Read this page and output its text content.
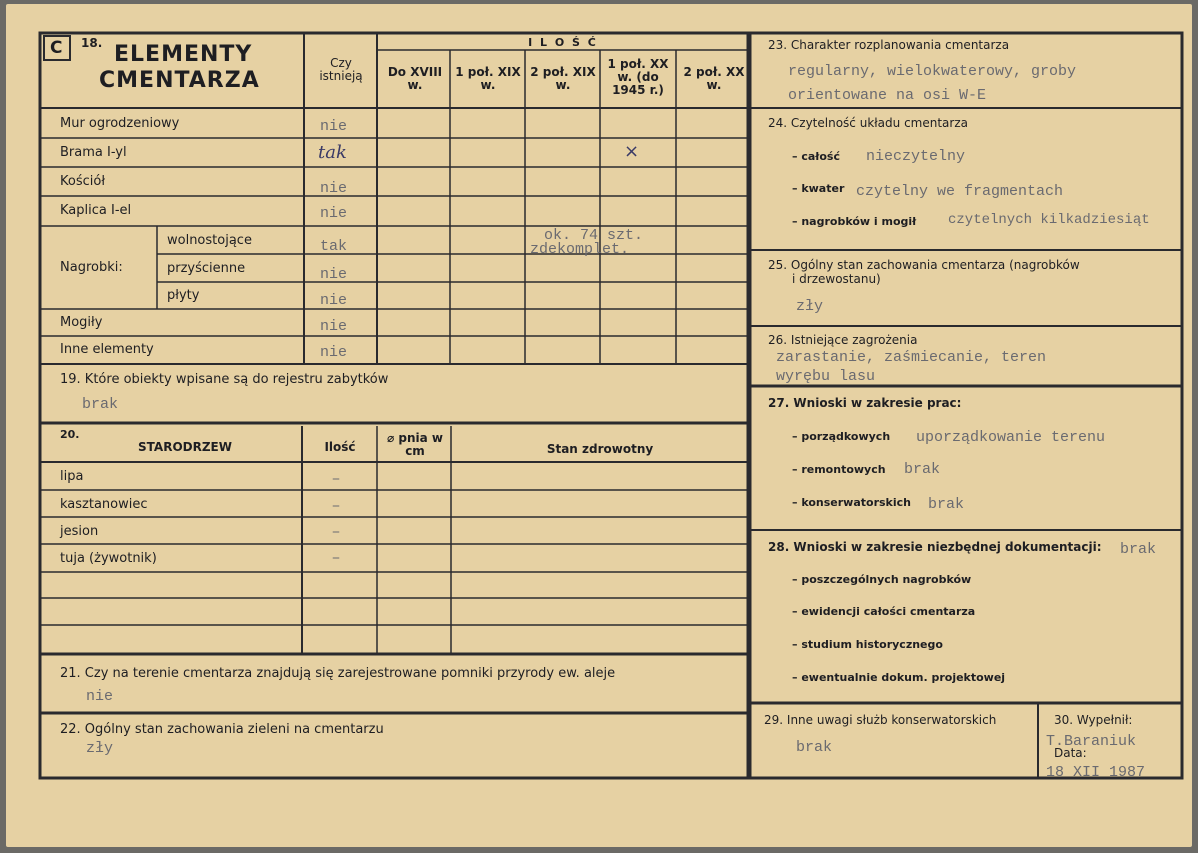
C 18. ELEMENTY
CMENTARZA
Czy istnieją
I L O Ś Ć
Do XVIII w.
1 poł. XIX w.
2 poł. XIX w.
1 poł. XX w. (do 1945 r.)
2 poł. XX w.
Mur ogrodzeniowy
Brama I-yl
Kościół
Kaplica I-el
Nagrobki:
wolnostojące
przyścienne
płyty
Mogiły
Inne elementy
nie
tak
nie
nie
tak
nie
nie
nie
nie
×
ok. 74 szt.
zdekomplet.
19. Które obiekty wpisane są do rejestru zabytków
brak
20.
STARODRZEW	Ilość
⌀ pnia w cm	Stan zdrowotny
lipa
kasztanowiec
jesion
tuja (żywotnik)
–
–
–
–
21. Czy na terenie cmentarza znajdują się zarejestrowane pomniki przyrody ew. aleje
nie
22. Ogólny stan zachowania zieleni na cmentarzu
zły
23. Charakter rozplanowania cmentarza
regularny, wielokwaterowy, groby
orientowane na osi W-E
24. Czytelność układu cmentarza
– całość nieczytelny
– kwater czytelny we fragmentach
– nagrobków i mogił czytelnych kilkadziesiąt
25. Ogólny stan zachowania cmentarza (nagrobków
i drzewostanu)
zły
26. Istniejące zagrożenia
zarastanie, zaśmiecanie, teren
wyrębu lasu
27. Wnioski w zakresie prac:
– porządkowych uporządkowanie terenu
– remontowych brak
– konserwatorskich brak
28. Wnioski w zakresie niezbędnej dokumentacji: brak
– poszczególnych nagrobków
– ewidencji całości cmentarza
– studium historycznego
– ewentualnie dokum. projektowej
29. Inne uwagi służb konserwatorskich
brak
30. Wypełnił:
T.Baraniuk
Data:
18 XII 1987
